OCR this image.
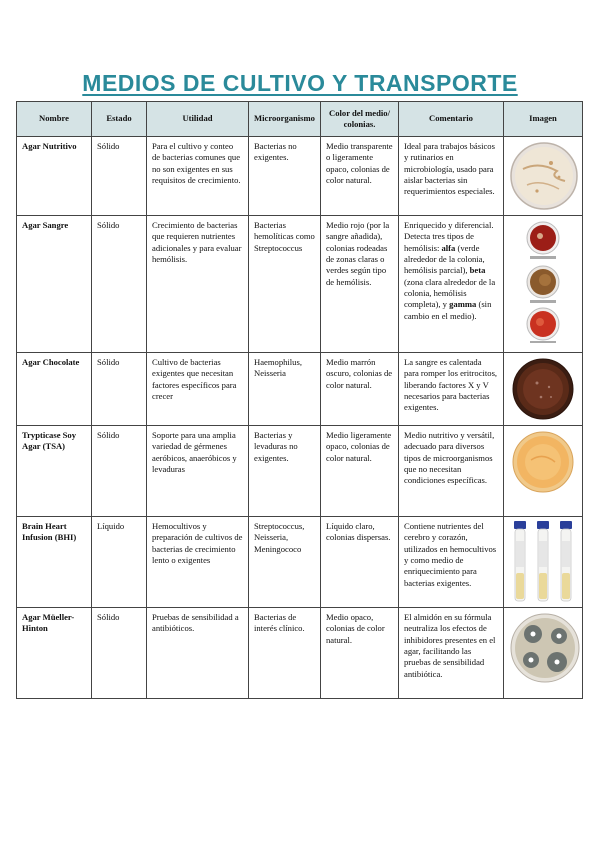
MEDIOS DE CULTIVO Y TRANSPORTE
Nombre	Estado	Utilidad	Microorganismo	Color del medio/ colonias.	Comentario	Imagen
Agar Nutritivo	Sólido	Para el cultivo y conteo de bacterias comunes que no son exigentes en sus requisitos de crecimiento.	Bacterias no exigentes.	Medio transparente o ligeramente opaco, colonias de color natural.	Ideal para trabajos básicos y rutinarios en microbiología, usado para aislar bacterias sin requerimientos especiales.	

Agar Sangre	Sólido	Crecimiento de bacterias que requieren nutrientes adicionales y para evaluar hemólisis.	Bacterias hemolíticas como Streptococcus	Medio rojo (por la sangre añadida), colonias rodeadas de zonas claras o verdes según tipo de hemólisis.	Enriquecido y diferencial. Detecta tres tipos de hemólisis: alfa (verde alrededor de la colonia, hemólisis parcial), beta (zona clara alrededor de la colonia, hemólisis completa), y gamma (sin cambio en el medio).	

Agar Chocolate	Sólido	Cultivo de bacterias exigentes que necesitan factores específicos para crecer	Haemophilus, Neisseria	Medio marrón oscuro, colonias de color natural.	La sangre es calentada para romper los eritrocitos, liberando factores X y V necesarios para bacterias exigentes.	

Trypticase Soy Agar (TSA)	Sólido	Soporte para una amplia variedad de gérmenes aeróbicos, anaeróbicos y levaduras	Bacterias y levaduras no exigentes.	Medio ligeramente opaco, colonias de color natural.	Medio nutritivo y versátil, adecuado para diversos tipos de microorganismos que no necesitan condiciones específicas.	

Brain Heart Infusion (BHI)	Líquido	Hemocultivos y preparación de cultivos de bacterias de crecimiento lento o exigentes	Streptococcus, Neisseria, Meningococo	Líquido claro, colonias dispersas.	Contiene nutrientes del cerebro y corazón, utilizados en hemocultivos y como medio de enriquecimiento para bacterias exigentes.	

Agar Müeller-Hinton	Sólido	Pruebas de sensibilidad a antibióticos.	Bacterias de interés clínico.	Medio opaco, colonias de color natural.	El almidón en su fórmula neutraliza los efectos de inhibidores presentes en el agar, facilitando las pruebas de sensibilidad antibiótica.	
